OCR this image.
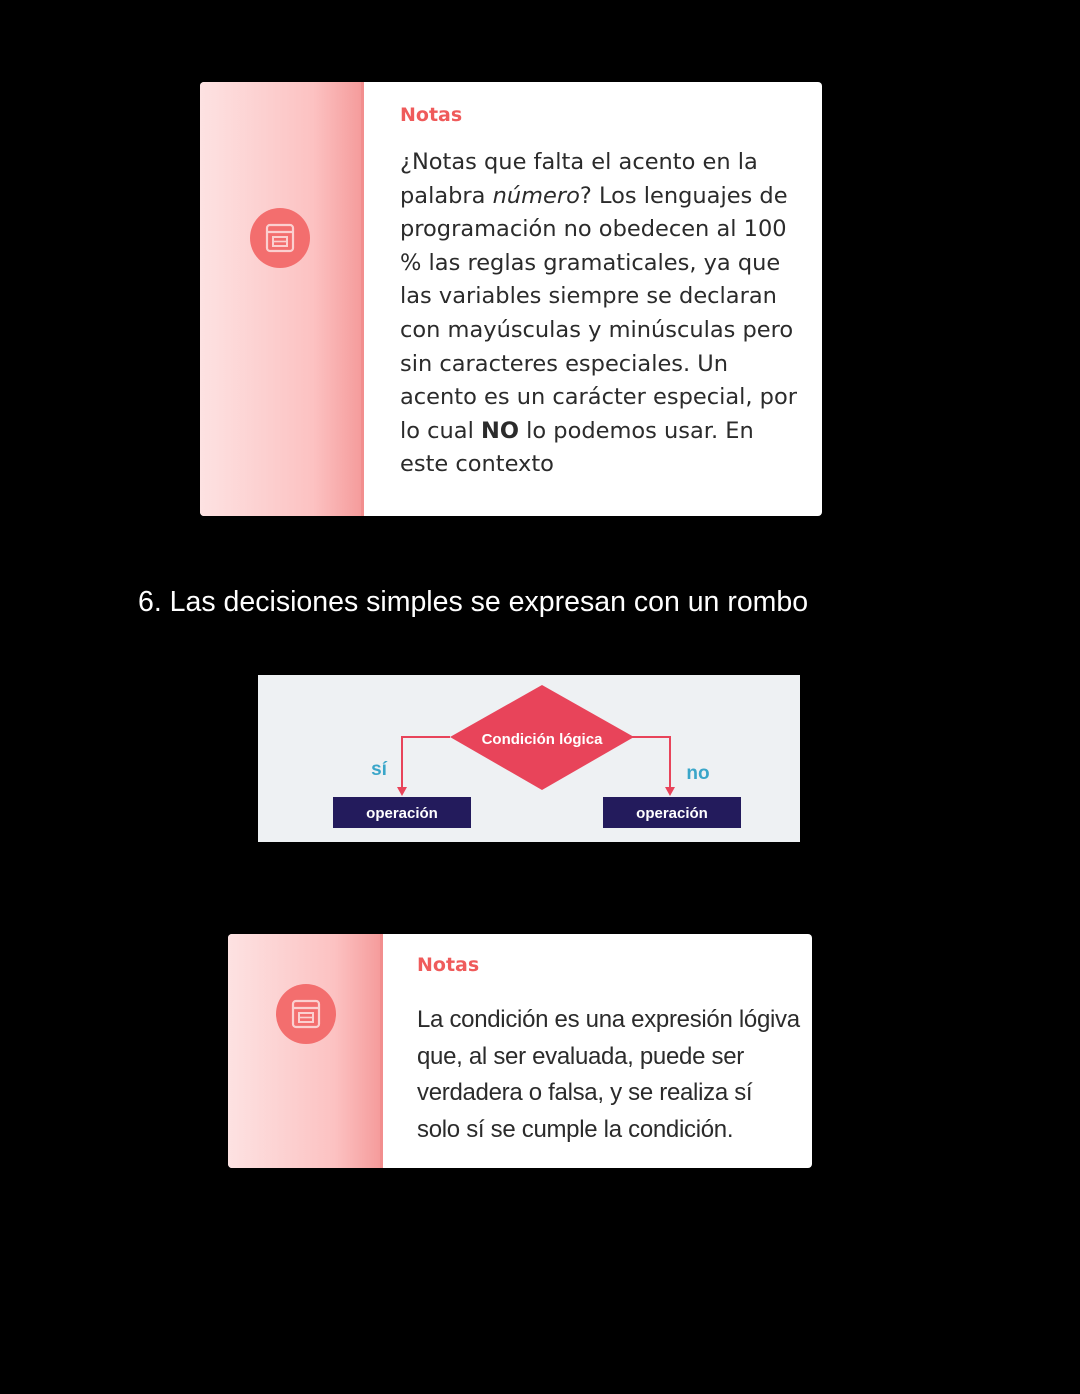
Notas
¿Notas que falta el acento en la palabra número? Los lenguajes de programación no obedecen al 100 % las reglas gramaticales, ya que las variables siempre se declaran con mayúsculas y minúsculas pero sin caracteres especiales. Un acento es un carácter especial, por lo cual NO lo podemos usar. En este contexto
6. Las decisiones simples se expresan con un rombo
Condición lógica
sí	no
operación	operación
Notas
La condición es una expresión lógiva que, al ser evaluada, puede ser verdadera o falsa, y se realiza sí solo sí se cumple la condición.
